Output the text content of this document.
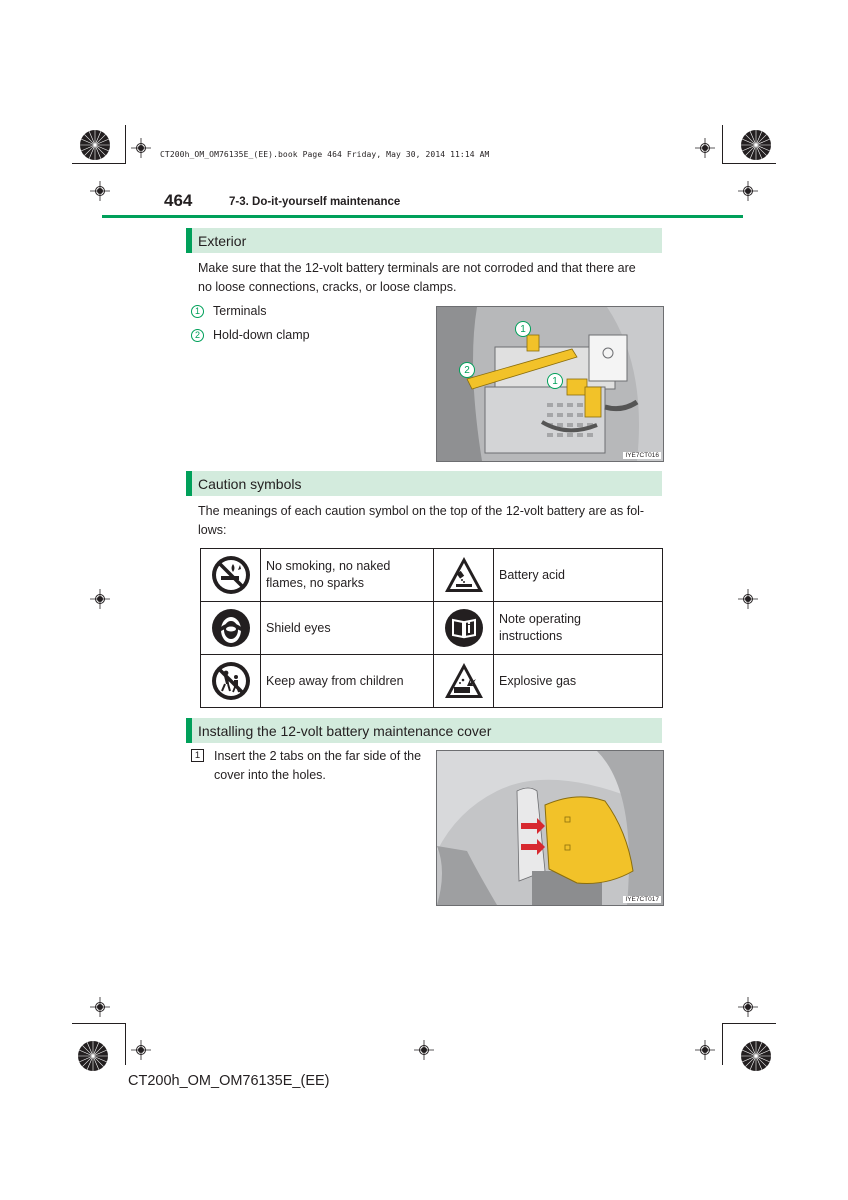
CT200h_OM_OM76135E_(EE).book Page 464 Friday, May 30, 2014 11:14 AM
464	7-3. Do-it-yourself maintenance
Exterior
Make sure that the 12-volt battery terminals are not corroded and that there are
no loose connections, cracks, or loose clamps.
1	Terminals
2	Hold-down clamp	1
2
1
IYE7CT016
Caution symbols
The meanings of each caution symbol on the top of the 12-volt battery are as fol-
lows:

No smoking, no naked
flames, no sparks		Battery acid

Shield eyes		Note operating
instructions

Keep away from children		Explosive gas
Installing the 12-volt battery maintenance cover
1	Insert the 2 tabs on the far side of the
cover into the holes.
IYE7CT017
CT200h_OM_OM76135E_(EE)
